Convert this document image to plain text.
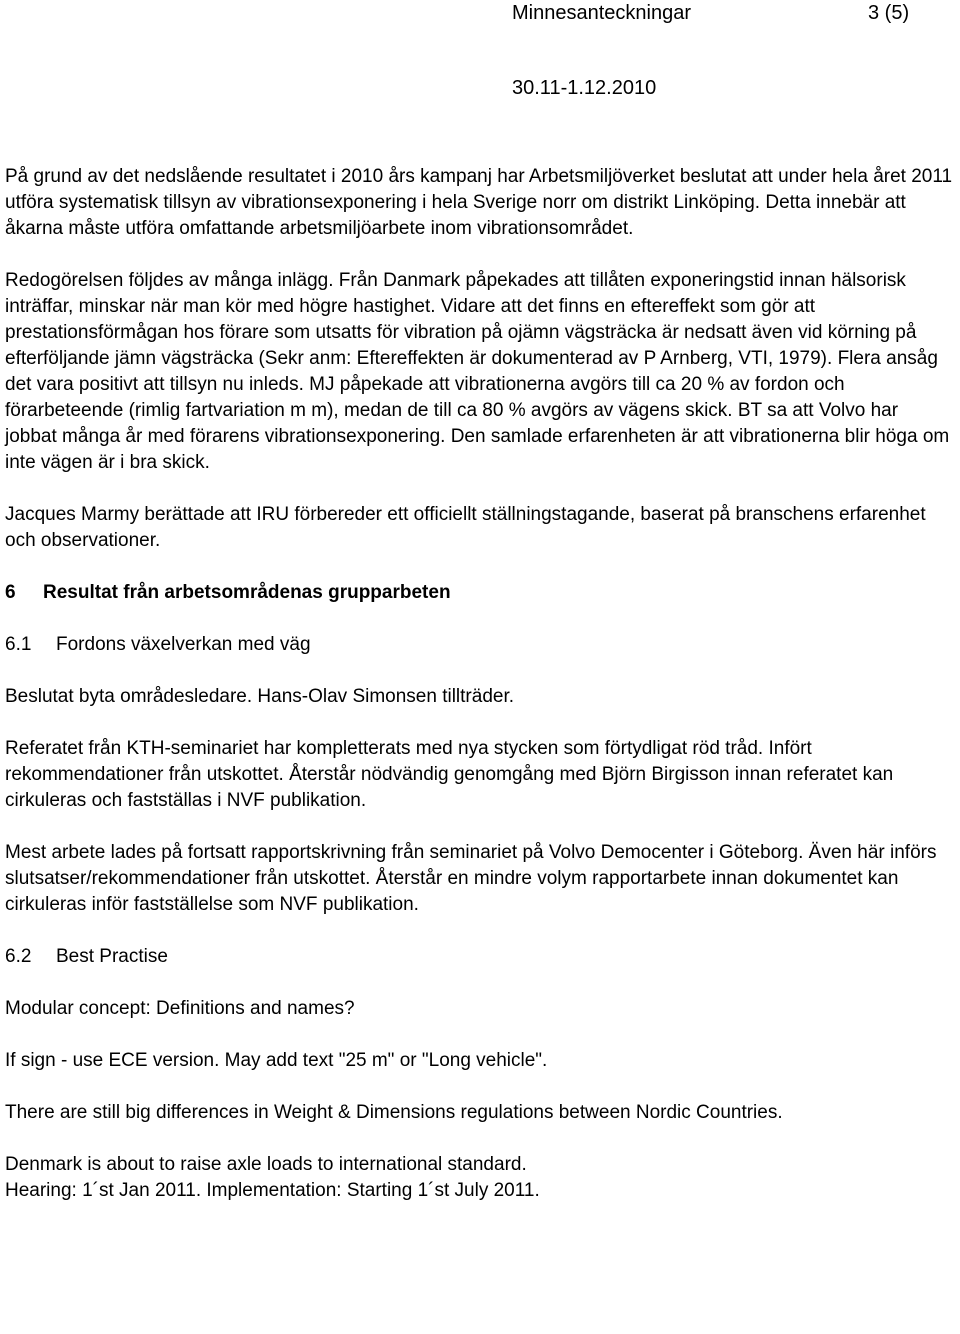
Minnesanteckningar	3 (5)
30.11-1.12.2010

På grund av det nedslående resultatet i 2010 års kampanj har Arbetsmiljöverket beslutat att under hela året 2011 utföra systematisk tillsyn av vibrationsexponering i hela Sverige norr om distrikt Linköping. Detta innebär att åkarna måste utföra omfattande arbetsmiljöarbete inom vibrationsområdet.

Redogörelsen följdes av många inlägg. Från Danmark påpekades att tillåten exponeringstid innan hälsorisk inträffar, minskar när man kör med högre hastighet. Vidare att det finns en eftereffekt som gör att prestationsförmågan hos förare som utsatts för vibration på ojämn vägsträcka är nedsatt även vid körning på efterföljande jämn vägsträcka (Sekr anm: Eftereffekten är dokumenterad av P Arnberg, VTI, 1979). Flera ansåg det vara positivt att tillsyn nu inleds. MJ påpekade att vibrationerna avgörs till ca 20 % av fordon och förarbeteende (rimlig fartvariation m m), medan de till ca 80 % avgörs av vägens skick. BT sa att Volvo har jobbat många år med förarens vibrationsexponering. Den samlade erfarenheten är att vibrationerna blir höga om inte vägen är i bra skick.

Jacques Marmy berättade att IRU förbereder ett officiellt ställningstagande, baserat på branschens erfarenhet och observationer.

6	Resultat från arbetsområdenas grupparbeten
6.1	Fordons växelverkan med väg

Beslutat byta områdesledare. Hans-Olav Simonsen tillträder.

Referatet från KTH-seminariet har kompletterats med nya stycken som förtydligat röd tråd. Infört rekommendationer från utskottet. Återstår nödvändig genomgång med Björn Birgisson innan referatet kan cirkuleras och fastställas i NVF publikation.

Mest arbete lades på fortsatt rapportskrivning från seminariet på Volvo Democenter i Göteborg. Även här införs slutsatser/rekommendationer från utskottet. Återstår en mindre volym rapportarbete innan dokumentet kan cirkuleras inför fastställelse som NVF publikation.

6.2	Best Practise

Modular concept: Definitions and names?

If sign - use ECE version. May add text "25 m" or "Long vehicle".

There are still big differences in Weight & Dimensions regulations between Nordic Countries.

Denmark is about to raise axle loads to international standard.

Hearing: 1´st Jan 2011. Implementation: Starting 1´st July 2011.
